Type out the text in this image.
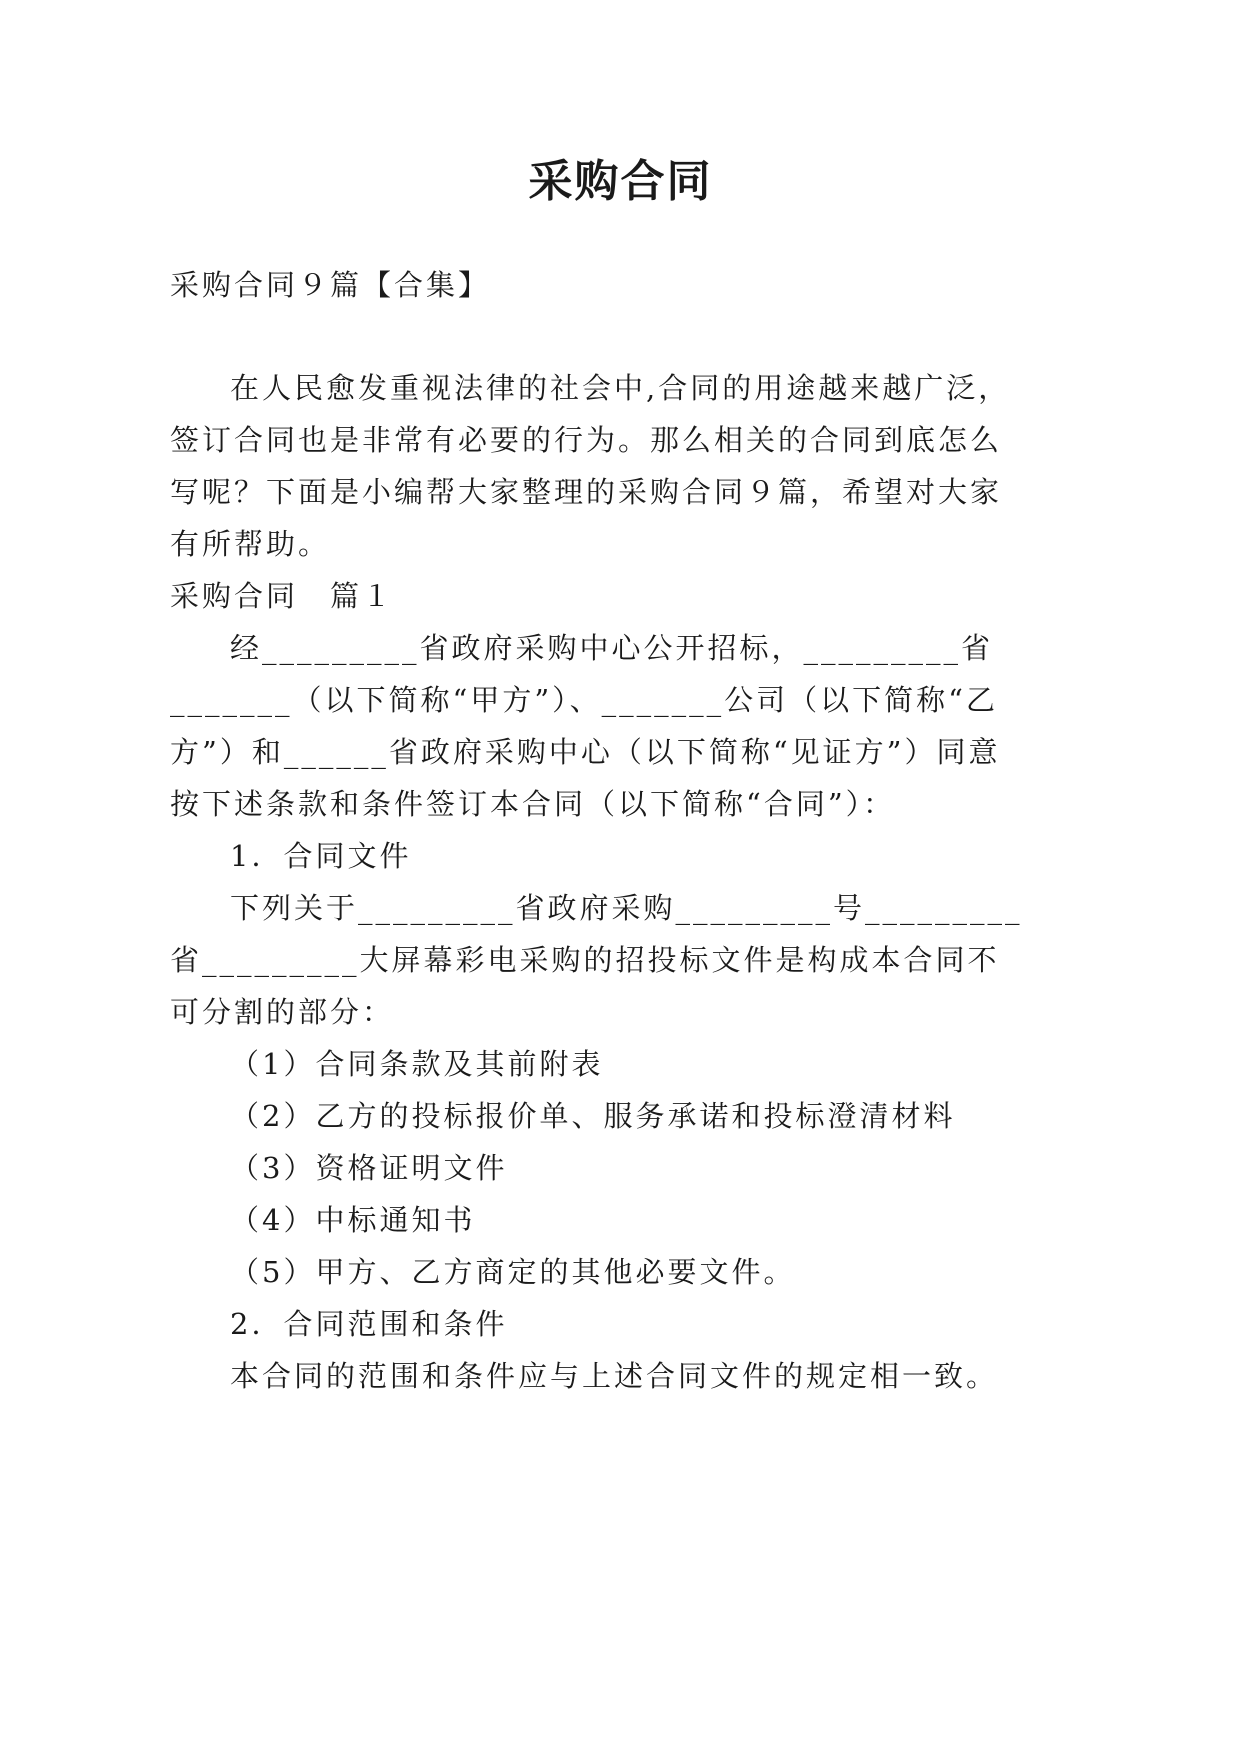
采购合同
采购合同９篇【合集】
在人民愈发重视法律的社会中,合同的用途越来越广泛，
签订合同也是非常有必要的行为。那么相关的合同到底怎么
写呢？下面是小编帮大家整理的采购合同９篇，希望对大家
有所帮助。
采购合同　篇１
经_________省政府采购中心公开招标，_________省
_______（以下简称“甲方”）、_______公司（以下简称“乙
方”）和______省政府采购中心（以下简称“见证方”）同意
按下述条款和条件签订本合同（以下简称“合同”）：
1．合同文件
下列关于_________省政府采购_________号_________
省_________大屏幕彩电采购的招投标文件是构成本合同不
可分割的部分：
（1）合同条款及其前附表
（2）乙方的投标报价单、服务承诺和投标澄清材料
（3）资格证明文件
（4）中标通知书
（5）甲方、乙方商定的其他必要文件。
2．合同范围和条件
本合同的范围和条件应与上述合同文件的规定相一致。
